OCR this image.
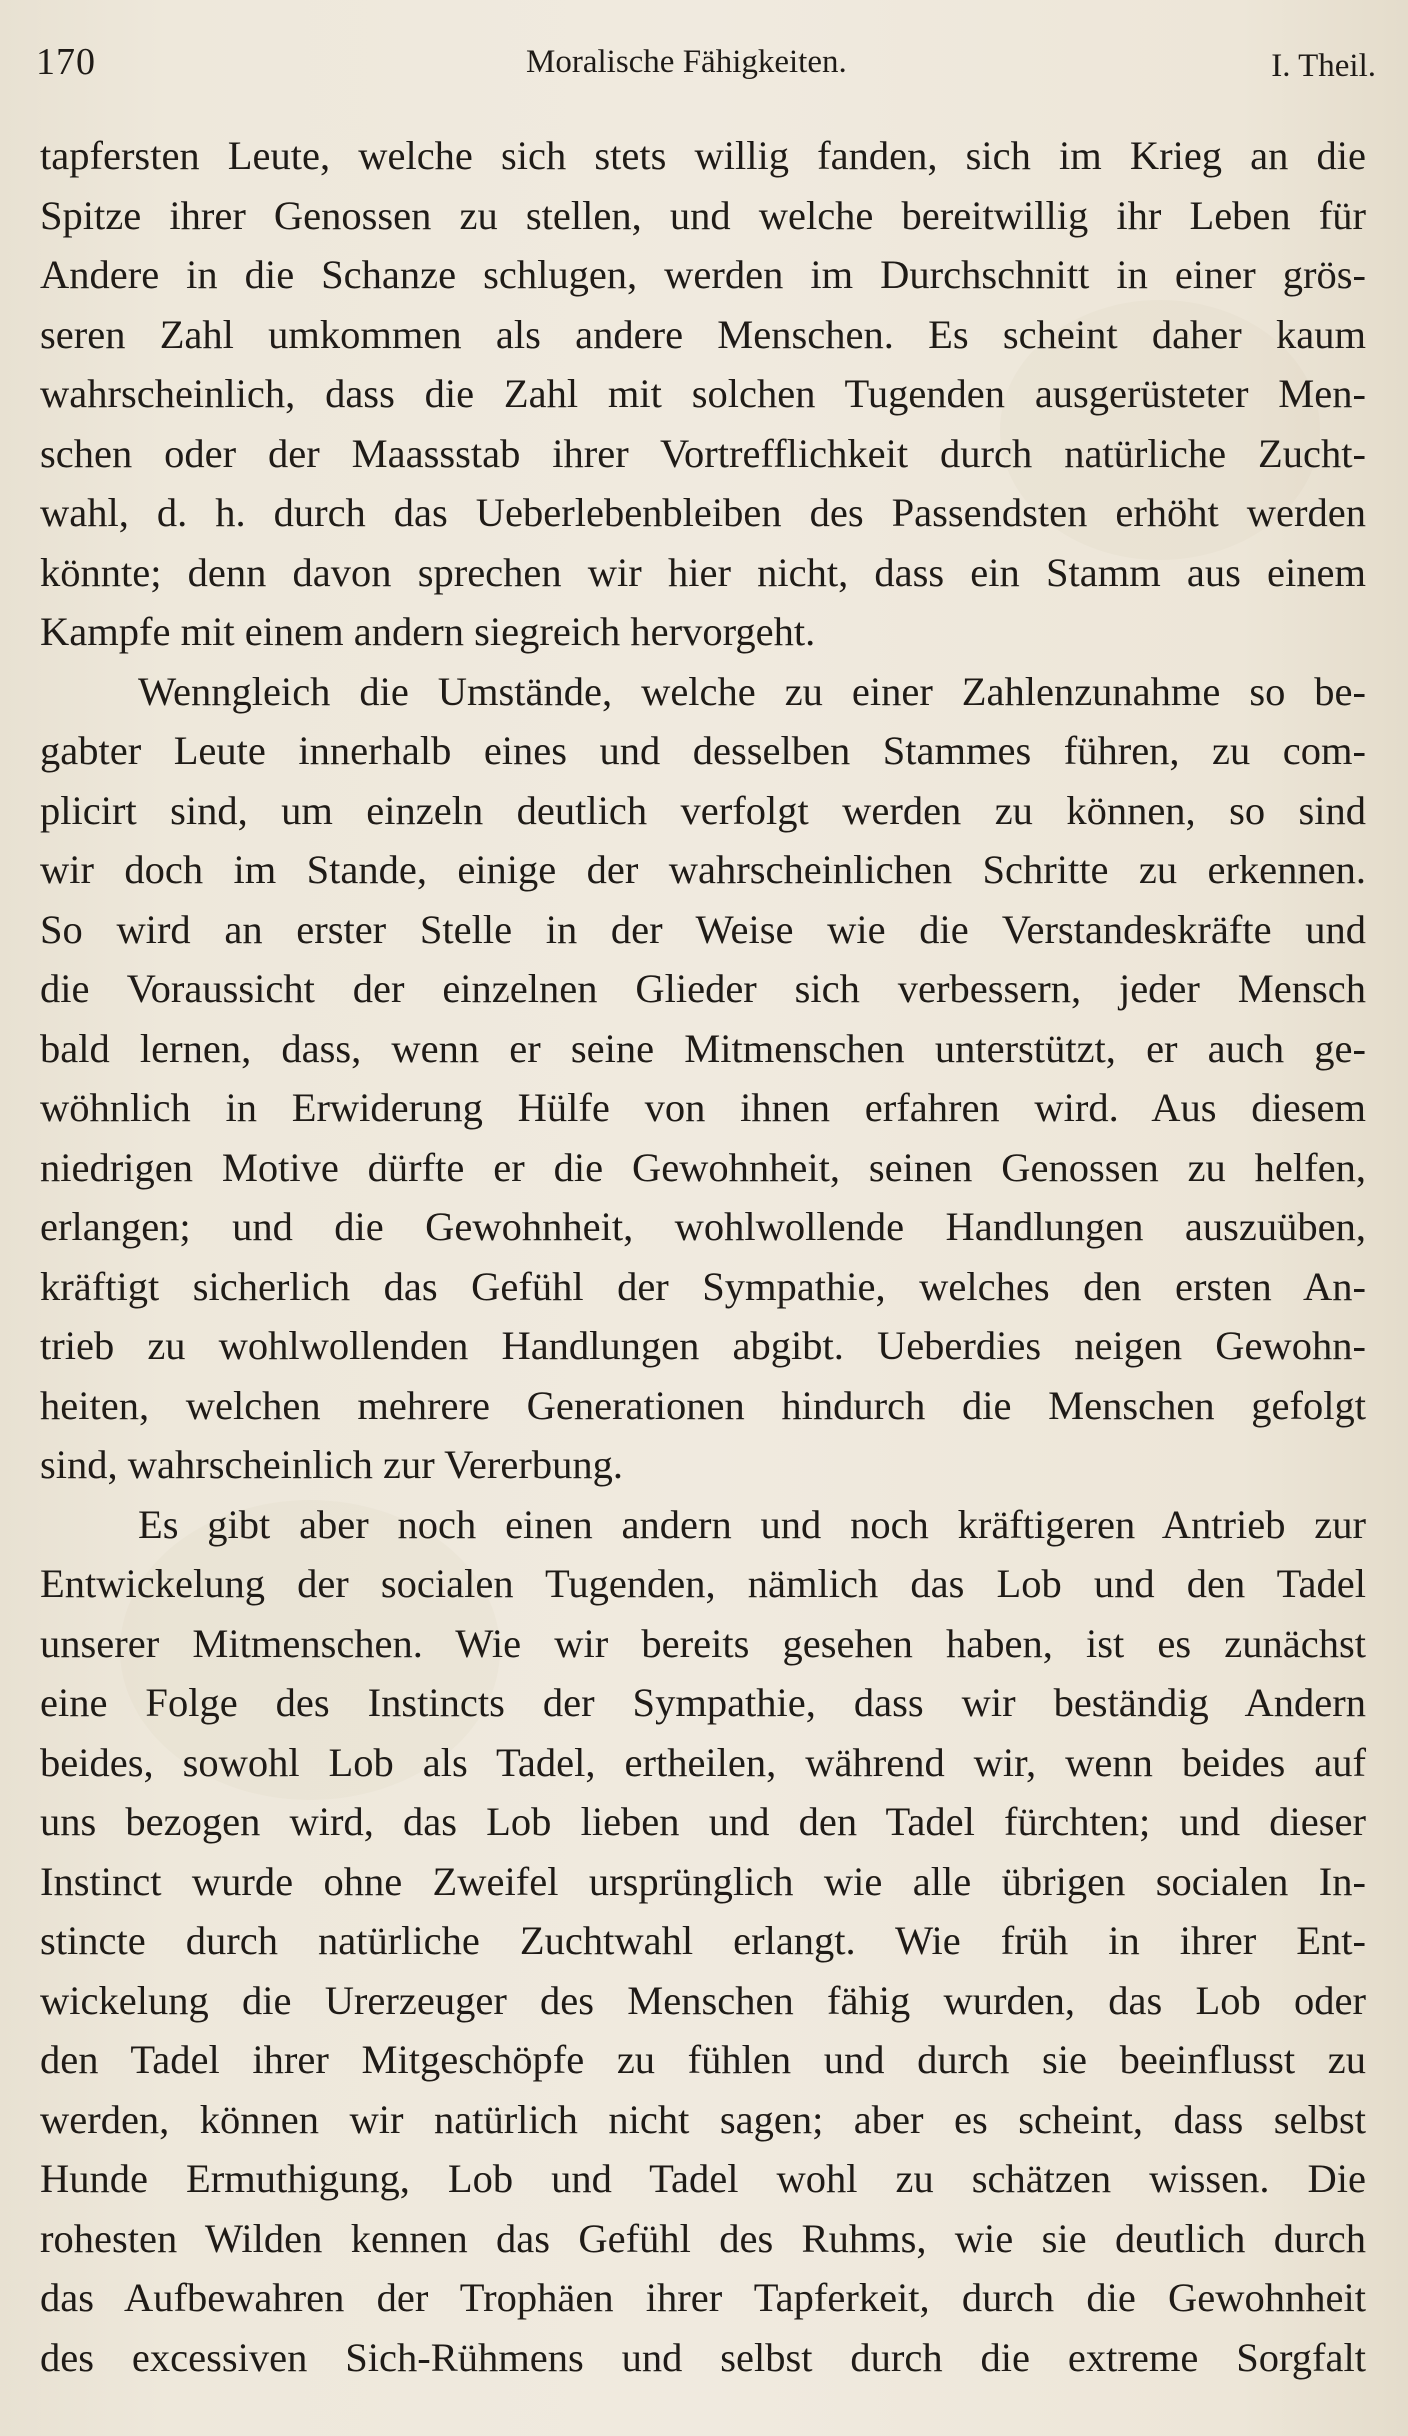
170	Moralische Fähigkeiten.	I. Theil.

tapfersten Leute, welche sich stets willig fanden, sich im Krieg an die
Spitze ihrer Genossen zu stellen, und welche bereitwillig ihr Leben für
Andere in die Schanze schlugen, werden im Durchschnitt in einer grös-
seren Zahl umkommen als andere Menschen. Es scheint daher kaum
wahrscheinlich, dass die Zahl mit solchen Tugenden ausgerüsteter Men-
schen oder der Maassstab ihrer Vortrefflichkeit durch natürliche Zucht-
wahl, d. h. durch das Ueberlebenbleiben des Passendsten erhöht werden
könnte; denn davon sprechen wir hier nicht, dass ein Stamm aus einem
Kampfe mit einem andern siegreich hervorgeht.

Wenngleich die Umstände, welche zu einer Zahlenzunahme so be-
gabter Leute innerhalb eines und desselben Stammes führen, zu com-
plicirt sind, um einzeln deutlich verfolgt werden zu können, so sind
wir doch im Stande, einige der wahrscheinlichen Schritte zu erkennen.
So wird an erster Stelle in der Weise wie die Verstandeskräfte und
die Voraussicht der einzelnen Glieder sich verbessern, jeder Mensch
bald lernen, dass, wenn er seine Mitmenschen unterstützt, er auch ge-
wöhnlich in Erwiderung Hülfe von ihnen erfahren wird. Aus diesem
niedrigen Motive dürfte er die Gewohnheit, seinen Genossen zu helfen,
erlangen; und die Gewohnheit, wohlwollende Handlungen auszuüben,
kräftigt sicherlich das Gefühl der Sympathie, welches den ersten An-
trieb zu wohlwollenden Handlungen abgibt. Ueberdies neigen Gewohn-
heiten, welchen mehrere Generationen hindurch die Menschen gefolgt
sind, wahrscheinlich zur Vererbung.

Es gibt aber noch einen andern und noch kräftigeren Antrieb zur
Entwickelung der socialen Tugenden, nämlich das Lob und den Tadel
unserer Mitmenschen. Wie wir bereits gesehen haben, ist es zunächst
eine Folge des Instincts der Sympathie, dass wir beständig Andern
beides, sowohl Lob als Tadel, ertheilen, während wir, wenn beides auf
uns bezogen wird, das Lob lieben und den Tadel fürchten; und dieser
Instinct wurde ohne Zweifel ursprünglich wie alle übrigen socialen In-
stincte durch natürliche Zuchtwahl erlangt. Wie früh in ihrer Ent-
wickelung die Urerzeuger des Menschen fähig wurden, das Lob oder
den Tadel ihrer Mitgeschöpfe zu fühlen und durch sie beeinflusst zu
werden, können wir natürlich nicht sagen; aber es scheint, dass selbst
Hunde Ermuthigung, Lob und Tadel wohl zu schätzen wissen. Die
rohesten Wilden kennen das Gefühl des Ruhms, wie sie deutlich durch
das Aufbewahren der Trophäen ihrer Tapferkeit, durch die Gewohnheit
des excessiven Sich-Rühmens und selbst durch die extreme Sorgfalt
